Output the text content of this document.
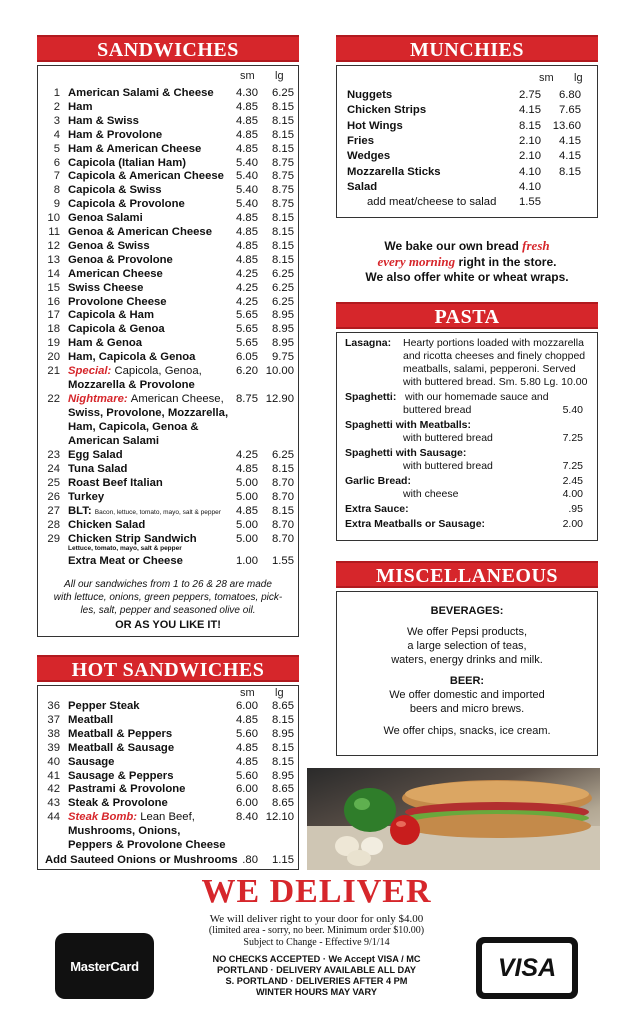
SANDWICHES
sm lg
1 American Salami & Cheese	4.30	6.25
2 Ham	4.85	8.15
3 Ham & Swiss	4.85	8.15
4 Ham & Provolone	4.85	8.15
5 Ham & American Cheese	4.85	8.15
6 Capicola (Italian Ham)	5.40	8.75
7 Capicola & American Cheese	5.40	8.75
8 Capicola & Swiss	5.40	8.75
9 Capicola & Provolone	5.40	8.75
10 Genoa Salami	4.85	8.15
11 Genoa & American Cheese	4.85	8.15
12 Genoa & Swiss	4.85	8.15
13 Genoa & Provolone	4.85	8.15
14 American Cheese	4.25	6.25
15 Swiss Cheese	4.25	6.25
16 Provolone Cheese	4.25	6.25
17 Capicola & Ham	5.65	8.95
18 Capicola & Genoa	5.65	8.95
19 Ham & Genoa	5.65	8.95
20 Ham, Capicola & Genoa	6.05	9.75
21 Special: Capicola, Genoa,	6.20 10.00
Mozzarella & Provolone
22 Nightmare: American Cheese,	8.75 12.90
Swiss, Provolone, Mozzarella,
Ham, Capicola, Genoa &
American Salami
23 Egg Salad	4.25	6.25
24 Tuna Salad	4.85	8.15
25 Roast Beef Italian	5.00	8.70
26 Turkey	5.00	8.70
27 BLT: Bacon, lettuce, tomato, mayo, salt & pepper	4.85	8.15
28 Chicken Salad	5.00	8.70
29 Chicken Strip Sandwich	5.00	8.70
Lettuce, tomato, mayo, salt & pepper
Extra Meat or Cheese	1.00	1.55
All our sandwiches from 1 to 26 & 28 are made
with lettuce, onions, green peppers, tomatoes, pick-
les, salt, pepper and seasoned olive oil.
OR AS YOU LIKE IT!
HOT SANDWICHES
sm lg
36 Pepper Steak	6.00	8.65
37 Meatball	4.85	8.15
38 Meatball & Peppers	5.60	8.95
39 Meatball & Sausage	4.85	8.15
40 Sausage	4.85	8.15
41 Sausage & Peppers	5.60	8.95
42 Pastrami & Provolone	6.00	8.65
43 Steak & Provolone	6.00	8.65
44 Steak Bomb: Lean Beef,	8.40 12.10
Mushrooms, Onions,
Peppers & Provolone Cheese
Add Sauteed Onions or Mushrooms .80	1.15
MUNCHIES
sm lg
Nuggets	2.75	6.80
Chicken Strips	4.15	7.65
Hot Wings	8.15	13.60
Fries	2.10	4.15
Wedges	2.10	4.15
Mozzarella Sticks	4.10	8.15
Salad	4.10
add meat/cheese to salad	1.55
We bake our own bread fresh
every morning right in the store.
We also offer white or wheat wraps.
PASTA
Lasagna: Hearty portions loaded with mozzarella
and ricotta cheeses and finely chopped
meatballs, salami, pepperoni. Served
with buttered bread. Sm. 5.80 Lg. 10.00
Spaghetti: with our homemade sauce and
buttered bread	5.40
Spaghetti with Meatballs:
with buttered bread	7.25
Spaghetti with Sausage:
with buttered bread	7.25
Garlic Bread:	2.45
with cheese	4.00
Extra Sauce:	.95
Extra Meatballs or Sausage:	2.00
MISCELLANEOUS
BEVERAGES:
We offer Pepsi products,
a large selection of teas,
waters, energy drinks and milk.
BEER:
We offer domestic and imported
beers and micro brews.
We offer chips, snacks, ice cream.
WE DELIVER
We will deliver right to your door for only $4.00
(limited area - sorry, no beer. Minimum order $10.00)
Subject to Change - Effective 9/1/14
NO CHECKS ACCEPTED · We Accept VISA / MC
PORTLAND · DELIVERY AVAILABLE ALL DAY
S. PORTLAND · DELIVERIES AFTER 4 PM
WINTER HOURS MAY VARY
MasterCard	VISA
